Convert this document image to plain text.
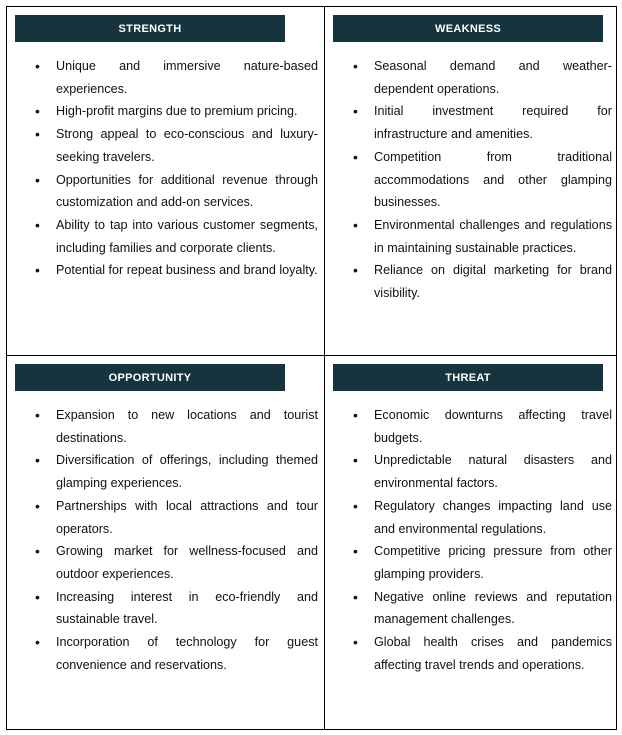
STRENGTH
• Unique and immersive nature-based experiences.
• High-profit margins due to premium pricing.
• Strong appeal to eco-conscious and luxury-seeking travelers.
• Opportunities for additional revenue through customization and add-on services.
• Ability to tap into various customer segments, including families and corporate clients.
• Potential for repeat business and brand loyalty.
WEAKNESS
• Seasonal demand and weather-dependent operations.
• Initial investment required for infrastructure and amenities.
• Competition from traditional accommodations and other glamping businesses.
• Environmental challenges and regulations in maintaining sustainable practices.
• Reliance on digital marketing for brand visibility.
OPPORTUNITY
• Expansion to new locations and tourist destinations.
• Diversification of offerings, including themed glamping experiences.
• Partnerships with local attractions and tour operators.
• Growing market for wellness-focused and outdoor experiences.
• Increasing interest in eco-friendly and sustainable travel.
• Incorporation of technology for guest convenience and reservations.
THREAT
• Economic downturns affecting travel budgets.
• Unpredictable natural disasters and environmental factors.
• Regulatory changes impacting land use and environmental regulations.
• Competitive pricing pressure from other glamping providers.
• Negative online reviews and reputation management challenges.
• Global health crises and pandemics affecting travel trends and operations.
